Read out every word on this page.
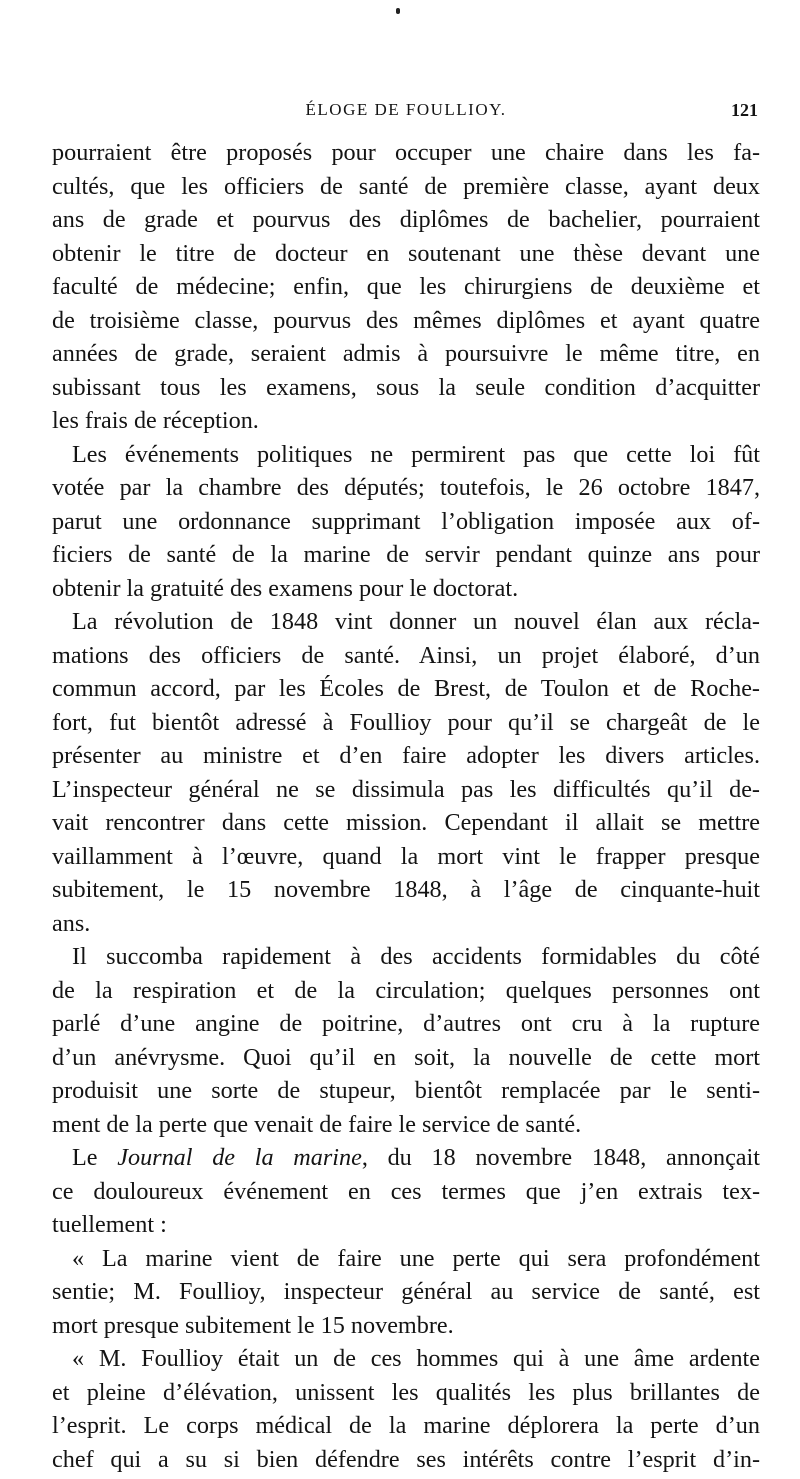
ÉLOGE DE FOULLIOY.	121
pourraient être proposés pour occuper une chaire dans les fa-
cultés, que les officiers de santé de première classe, ayant deux
ans de grade et pourvus des diplômes de bachelier, pourraient
obtenir le titre de docteur en soutenant une thèse devant une
faculté de médecine; enfin, que les chirurgiens de deuxième et
de troisième classe, pourvus des mêmes diplômes et ayant quatre
années de grade, seraient admis à poursuivre le même titre, en
subissant tous les examens, sous la seule condition d’acquitter
les frais de réception.
Les événements politiques ne permirent pas que cette loi fût
votée par la chambre des députés; toutefois, le 26 octobre 1847,
parut une ordonnance supprimant l’obligation imposée aux of-
ficiers de santé de la marine de servir pendant quinze ans pour
obtenir la gratuité des examens pour le doctorat.
La révolution de 1848 vint donner un nouvel élan aux récla-
mations des officiers de santé. Ainsi, un projet élaboré, d’un
commun accord, par les Écoles de Brest, de Toulon et de Roche-
fort, fut bientôt adressé à Foullioy pour qu’il se chargeât de le
présenter au ministre et d’en faire adopter les divers articles.
L’inspecteur général ne se dissimula pas les difficultés qu’il de-
vait rencontrer dans cette mission. Cependant il allait se mettre
vaillamment à l’œuvre, quand la mort vint le frapper presque
subitement, le 15 novembre 1848, à l’âge de cinquante-huit
ans.
Il succomba rapidement à des accidents formidables du côté
de la respiration et de la circulation; quelques personnes ont
parlé d’une angine de poitrine, d’autres ont cru à la rupture
d’un anévrysme. Quoi qu’il en soit, la nouvelle de cette mort
produisit une sorte de stupeur, bientôt remplacée par le senti-
ment de la perte que venait de faire le service de santé.
Le Journal de la marine, du 18 novembre 1848, annonçait
ce douloureux événement en ces termes que j’en extrais tex-
tuellement :
« La marine vient de faire une perte qui sera profondément
sentie; M. Foullioy, inspecteur général au service de santé, est
mort presque subitement le 15 novembre.
« M. Foullioy était un de ces hommes qui à une âme ardente
et pleine d’élévation, unissent les qualités les plus brillantes de
l’esprit. Le corps médical de la marine déplorera la perte d’un
chef qui a su si bien défendre ses intérêts contre l’esprit d’in-
